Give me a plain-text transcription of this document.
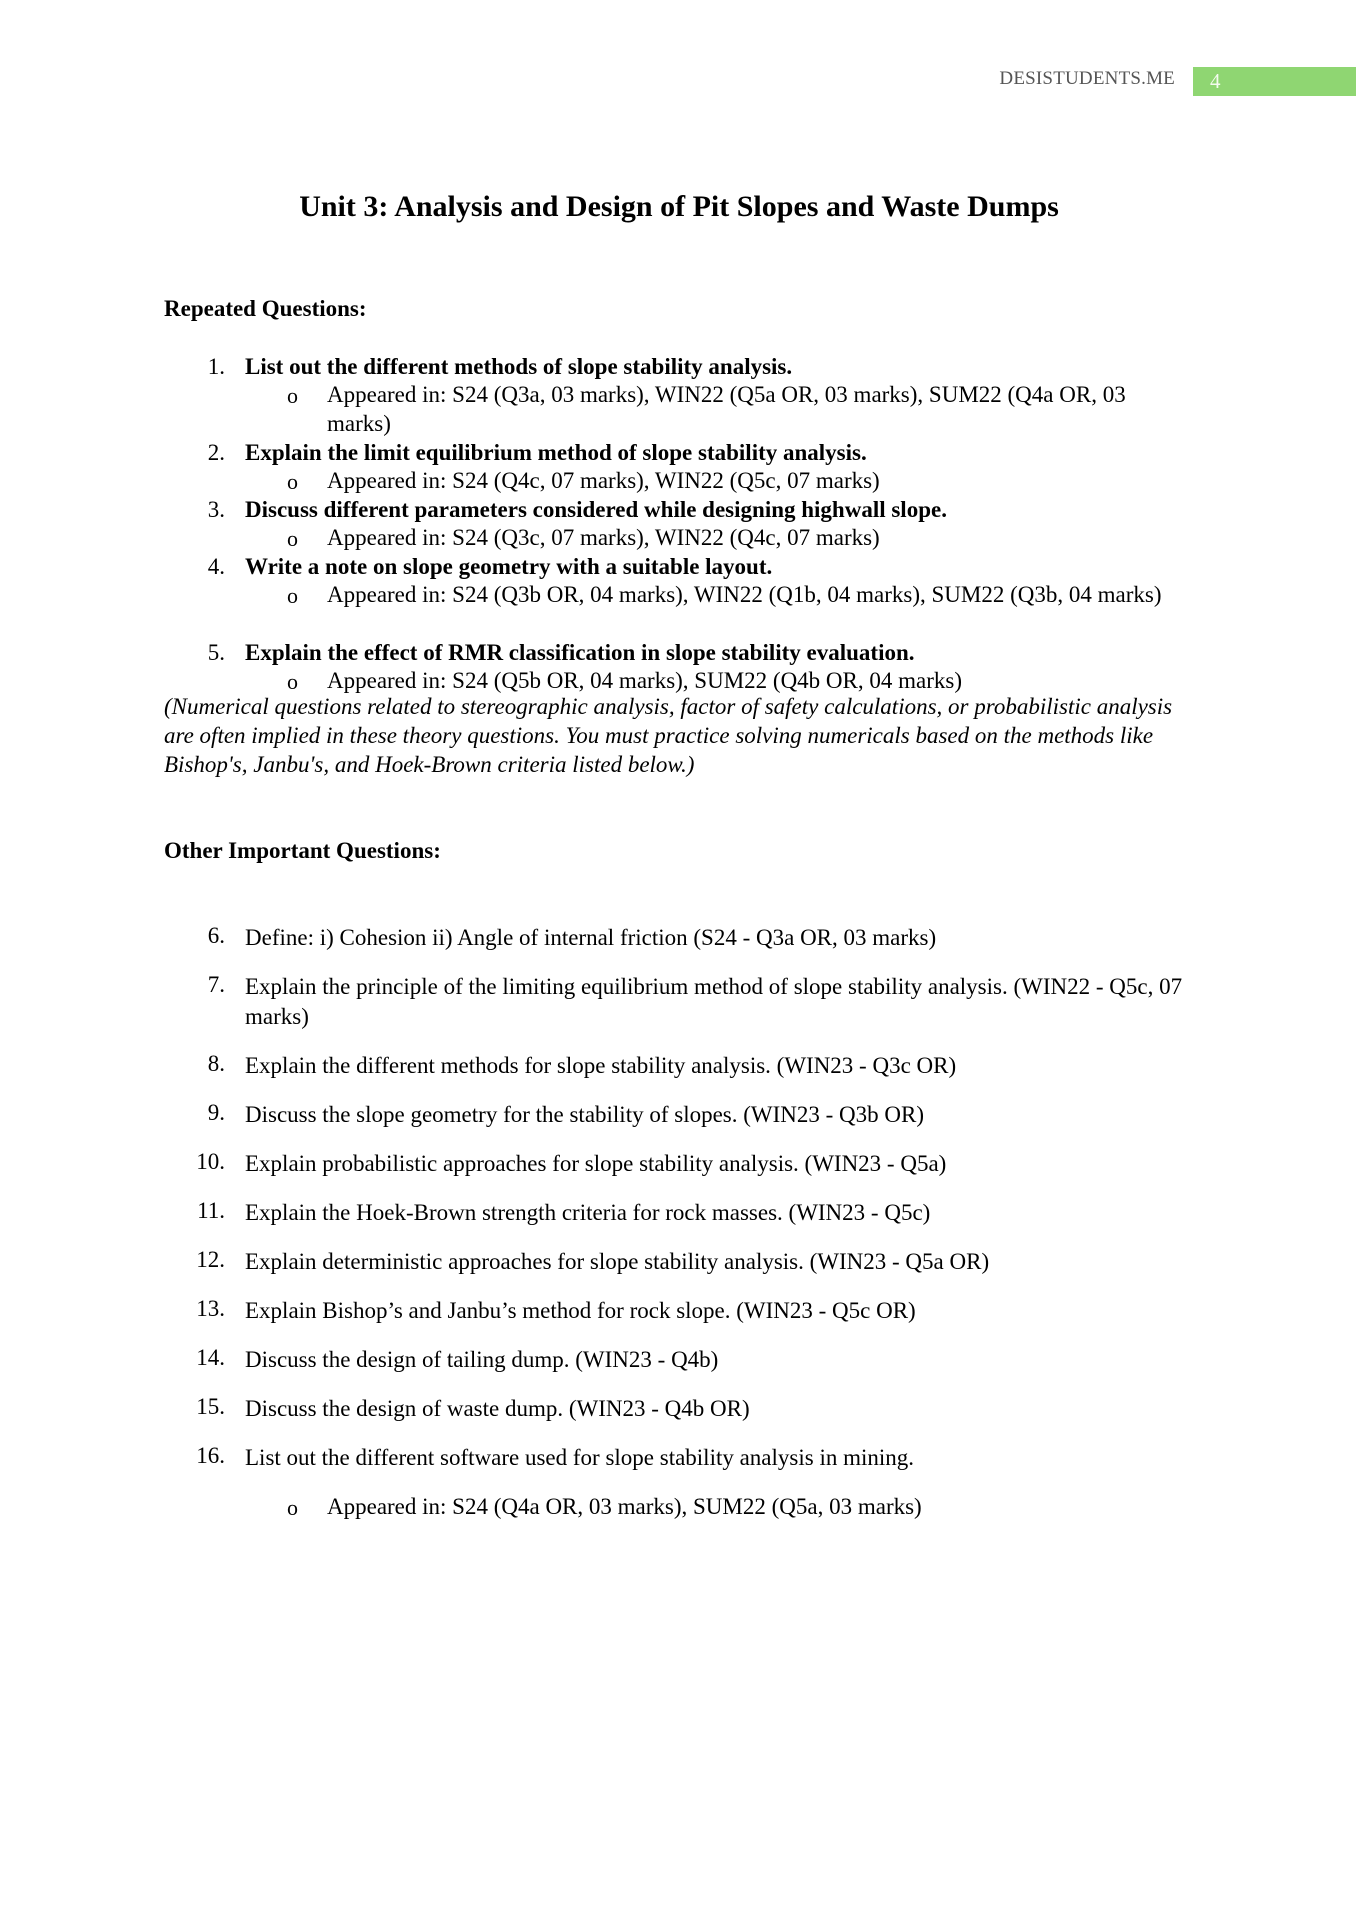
DESISTUDENTS.ME 4
Unit 3: Analysis and Design of Pit Slopes and Waste Dumps
Repeated Questions:
1. List out the different methods of slope stability analysis.
o Appeared in: S24 (Q3a, 03 marks), WIN22 (Q5a OR, 03 marks), SUM22 (Q4a OR, 03 marks)
2. Explain the limit equilibrium method of slope stability analysis.
o Appeared in: S24 (Q4c, 07 marks), WIN22 (Q5c, 07 marks)
3. Discuss different parameters considered while designing highwall slope.
o Appeared in: S24 (Q3c, 07 marks), WIN22 (Q4c, 07 marks)
4. Write a note on slope geometry with a suitable layout.
o Appeared in: S24 (Q3b OR, 04 marks), WIN22 (Q1b, 04 marks), SUM22 (Q3b, 04 marks)
5. Explain the effect of RMR classification in slope stability evaluation.
o Appeared in: S24 (Q5b OR, 04 marks), SUM22 (Q4b OR, 04 marks)
(Numerical questions related to stereographic analysis, factor of safety calculations, or probabilistic analysis are often implied in these theory questions. You must practice solving numericals based on the methods like Bishop's, Janbu's, and Hoek-Brown criteria listed below.)
Other Important Questions:
6. Define: i) Cohesion ii) Angle of internal friction (S24 - Q3a OR, 03 marks)
7. Explain the principle of the limiting equilibrium method of slope stability analysis. (WIN22 - Q5c, 07 marks)
8. Explain the different methods for slope stability analysis. (WIN23 - Q3c OR)
9. Discuss the slope geometry for the stability of slopes. (WIN23 - Q3b OR)
10. Explain probabilistic approaches for slope stability analysis. (WIN23 - Q5a)
11. Explain the Hoek-Brown strength criteria for rock masses. (WIN23 - Q5c)
12. Explain deterministic approaches for slope stability analysis. (WIN23 - Q5a OR)
13. Explain Bishop’s and Janbu’s method for rock slope. (WIN23 - Q5c OR)
14. Discuss the design of tailing dump. (WIN23 - Q4b)
15. Discuss the design of waste dump. (WIN23 - Q4b OR)
16. List out the different software used for slope stability analysis in mining.
o Appeared in: S24 (Q4a OR, 03 marks), SUM22 (Q5a, 03 marks)
